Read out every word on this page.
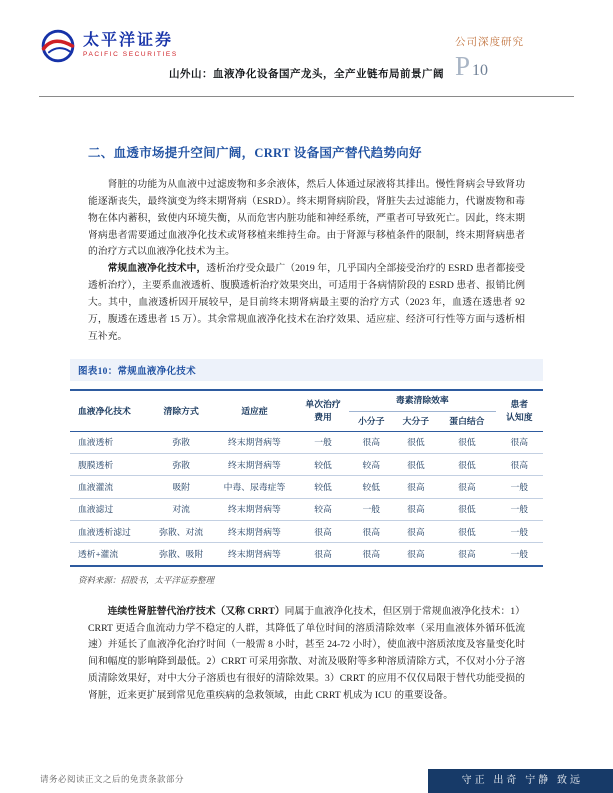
太平洋证券
PACIFIC SECURITIES
公司深度研究
P 10
山外山：血液净化设备国产龙头，全产业链布局前景广阔
二、血透市场提升空间广阔，CRRT 设备国产替代趋势向好

肾脏的功能为从血液中过滤废物和多余液体，然后人体通过尿液将其排出。慢性肾病会导致肾功能逐渐丧失，最终演变为终末期肾病（ESRD）。终末期肾病阶段，肾脏失去过滤能力，代谢废物和毒物在体内蓄积，致使内环境失衡，从而危害内脏功能和神经系统，严重者可导致死亡。因此，终末期肾病患者需要通过血液净化技术或肾移植来维持生命。由于肾源与移植条件的限制，终末期肾病患者的治疗方式以血液净化技术为主。

常规血液净化技术中，透析治疗受众最广（2019 年，几乎国内全部接受治疗的 ESRD 患者都接受透析治疗），主要系血液透析、腹膜透析治疗效果突出，可适用于各病情阶段的 ESRD 患者、报销比例大。其中，血液透析因开展较早，是目前终末期肾病最主要的治疗方式（2023 年，血透在透患者 92 万，腹透在透患者 15 万）。其余常规血液净化技术在治疗效果、适应症、经济可行性等方面与透析相互补充。

图表10：常规血液净化技术
血液净化技术	清除方式	适应症	
单次治疗
费用
	毒素清除效率	患者
认知度

				小分子	大分子	蛋白结合	
血液透析	弥散	终末期肾病等	一般	很高	很低	很低	很高
腹膜透析	弥散	终末期肾病等	较低	较高	很低	很低	很高
血液灌流	吸附	中毒、尿毒症等	较低	较低	很高	很高	一般
血液滤过	对流	终末期肾病等	较高	一般	很高	很低	一般
血液透析滤过	弥散、对流	终末期肾病等	很高	很高	很高	很低	一般
透析+灌流	弥散、吸附	终末期肾病等	很高	很高	很高	很高	一般
资料来源：招股书，太平洋证券整理

连续性肾脏替代治疗技术（又称 CRRT）同属于血液净化技术，但区别于常规血液净化技术：1）CRRT 更适合血流动力学不稳定的人群，其降低了单位时间的溶质清除效率（采用血液体外循环低流速）并延长了血液净化治疗时间（一般需 8 小时，甚至 24-72 小时），使血液中溶质浓度及容量变化时间和幅度的影响降到最低。2）CRRT 可采用弥散、对流及吸附等多种溶质清除方式，不仅对小分子溶质清除效果好，对中大分子溶质也有很好的清除效果。3）CRRT 的应用不仅仅局限于替代功能受损的肾脏，近来更扩展到常见危重疾病的急救领域，由此 CRRT 机成为 ICU 的重要设备。

请务必阅读正文之后的免责条款部分	守正 出奇 宁静 致远
